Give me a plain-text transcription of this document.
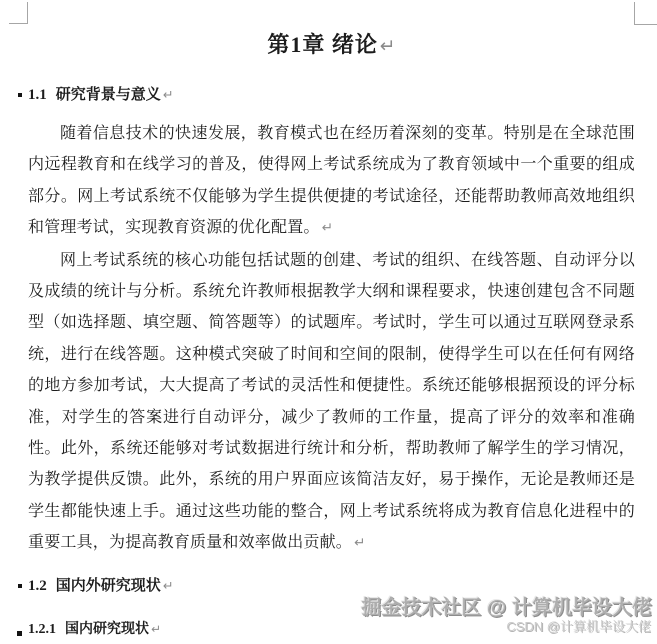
第1章 绪论 ↵
1.1 研究背景与意义 ↵

随着信息技术的快速发展，教育模式也在经历着深刻的变革。特别是在全球范围内远程教育和在线学习的普及，使得网上考试系统成为了教育领域中一个重要的组成部分。网上考试系统不仅能够为学生提供便捷的考试途径，还能帮助教师高效地组织和管理考试，实现教育资源的优化配置。 ↵

网上考试系统的核心功能包括试题的创建、考试的组织、在线答题、自动评分以及成绩的统计与分析。系统允许教师根据教学大纲和课程要求，快速创建包含不同题型（如选择题、填空题、简答题等）的试题库。考试时，学生可以通过互联网登录系统，进行在线答题。这种模式突破了时间和空间的限制，使得学生可以在任何有网络的地方参加考试，大大提高了考试的灵活性和便捷性。系统还能够根据预设的评分标准，对学生的答案进行自动评分，减少了教师的工作量，提高了评分的效率和准确性。此外，系统还能够对考试数据进行统计和分析，帮助教师了解学生的学习情况，为教学提供反馈。此外，系统的用户界面应该简洁友好，易于操作，无论是教师还是学生都能快速上手。通过这些功能的整合，网上考试系统将成为教育信息化进程中的重要工具，为提高教育质量和效率做出贡献。 ↵

1.2 国内外研究现状 ↵
1.2.1 国内研究现状 ↵
掘金技术社区 @ 计算机毕设大佬
CSDN @计算机毕设大佬
